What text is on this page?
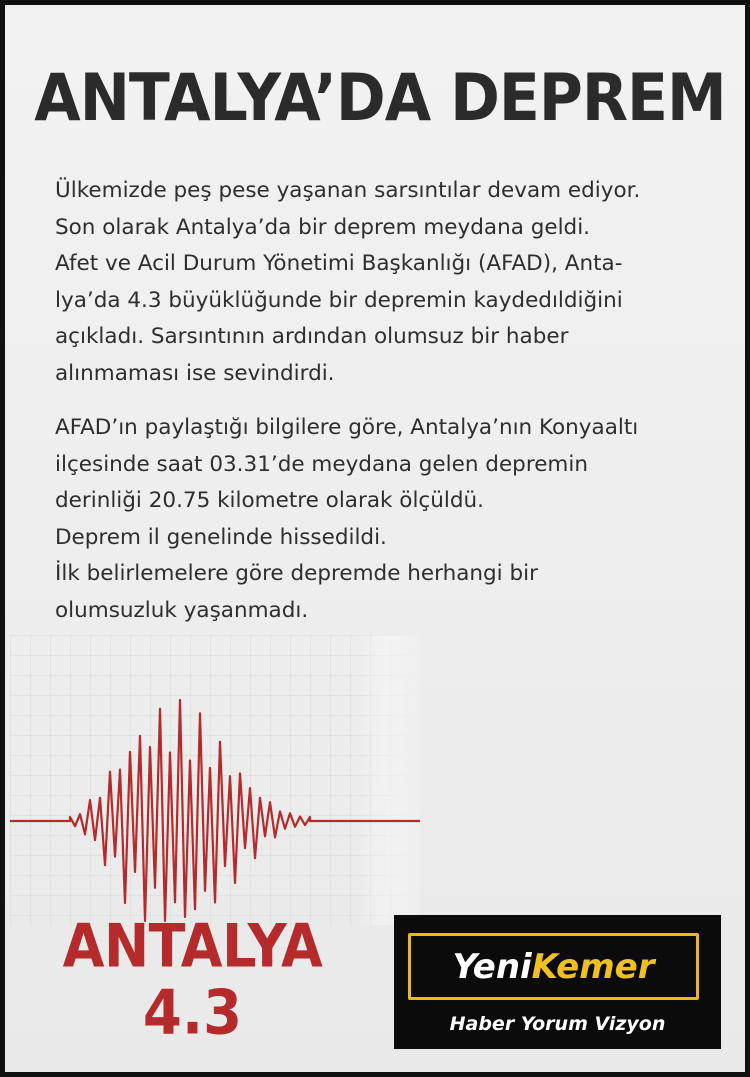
ANTALYA’DA DEPREM

Ülkemizde peş pese yaşanan sarsıntılar devam ediyor.
Son olarak Antalya’da bir deprem meydana geldi.
Afet ve Acil Durum Yönetimi Başkanlığı (AFAD), Anta-
lya’da 4.3 büyüklüğunde bir depremin kaydedıldiğini
açıkladı. Sarsıntının ardından olumsuz bir haber
alınmaması ise sevindirdi.

AFAD’ın paylaştığı bilgilere göre, Antalya’nın Konyaaltı
ilçesinde saat 03.31’de meydana gelen depremin
derinliği 20.75 kilometre olarak ölçüldü.
Deprem il genelinde hissedildi.
İlk belirlemelere göre depremde herhangi bir
olumsuzluk yaşanmadı.

ANTALYA
4.3
YeniKemer
Haber Yorum Vizyon
